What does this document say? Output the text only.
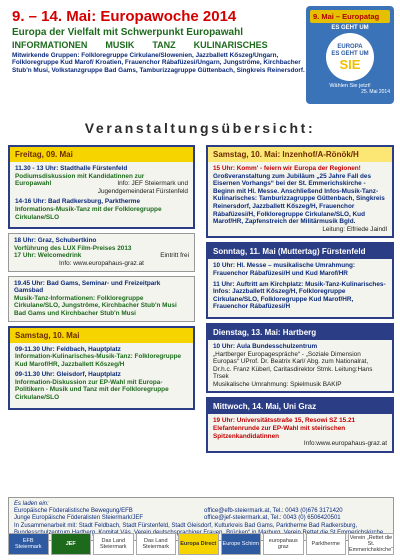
9. – 14. Mai: Europawoche 2014
Europa der Vielfalt mit Schwerpunkt Europawahl
INFORMATIONEN MUSIK TANZ KULINARISCHES
Mitwirkende Gruppen: Folkloregruppe Cirkulane/Slowenien, Jazzballett Kőszeg/Ungarn, Folkloregruppe Kud Marof/ Kroatien, Frauenchor Rábafüzesi/Ungarn, Jungströme, Kirchbacher Stub'n Musi, Volkstanzgruppe Bad Gams, Tamburizzagruppe Güttenbach, Singkreis Reinersdorf.
9. Mai – Europatag
ES GEHT UM
EUROPA
ES GEHT UM
SIE
Wählen Sie jetzt!
25. Mai 2014
Veranstaltungsübersicht:
Freitag, 09. Mai

11.30 - 13 Uhr: Stadthalle Fürstenfeld
Podiumsdiskussion mit Kandidatinnen zur

Europawahl	Info: JEF Steiermark und
Jugendgemeinderat Fürstenfeld

14-16 Uhr: Bad Radkersburg, Parktherme
Informations-Musik-Tanz mit der Folkloregruppe Cirkulane/SLO

18 Uhr: Graz, Schubertkino
Vorführung des LUX Film-Preises 2013

17 Uhr: Welcomedrink	Eintritt frei
Info: www.europahaus-graz.at
19.45 Uhr: Bad Gams, Seminar- und Freizeitpark Gamsbad
Musik-Tanz-Informationen: Folkloregruppe Cirkulane/SLO, Jungströme, Kirchbacher Stub'n Musi
Bad Gams und Kirchbacher Stub'n Musi
Samstag, 10. Mai

09-11.30 Uhr: Feldbach, Hauptplatz
Information-Kulinarisches-Musik-Tanz: Folkloregruppe Kud Marof/HR, Jazzballett Kőszeg/H

09-11.30 Uhr: Gleisdorf, Hauptplatz
Information-Diskussion zur EP-Wahl mit Europa-Politikern - Musik und Tanz mit der Folkloregruppe Cirkulane/SLO

Samstag, 10. Mai: Inzenhof/A-Rönök/H
15 Uhr: Komm' - feiern wir Europa der Regionen!
Großveranstaltung zum Jubiläum „25 Jahre Fall des Eisernen Vorhangs“ bei der St. Emmerichskirche - Beginn mit Hl. Messe. Anschließend Infos-Musik-Tanz-Kulinarisches: Tamburizzagruppe Güttenbach, Singkreis Reinersdorf, Jazzballett Kőszeg/H, Frauenchor Rábafüzesi/H, Folkloregruppe Cirkulane/SLO, Kud Marof/HR, Zapfenstreich der Militärmusik Bgld.

Leitung: Elfriede Jaindl
Sonntag, 11. Mai (Muttertag) Fürstenfeld

10 Uhr: Hl. Messe – musikalische Umrahmung: Frauenchor Rábafüzesi/H und Kud Marof/HR

11 Uhr: Auftritt am Kirchplatz: Musik-Tanz-Kulinarisches-Infos: Jazzballett Kőszeg/H, Folkloregruppe Cirkulane/SLO, Folkloregruppe Kud Marof/HR, Frauenchor Rábafüzesi/H

Dienstag, 13. Mai: Hartberg
10 Uhr: Aula Bundesschulzentrum
„Hartberger Europagespräche“ - „Soziale Dimension Europas“ UProf. Dr. Beatrix Karl/ Abg. zum Nationalrat, Dr.h.c. Franz Küberl, Caritasdirektor Stmk. Leitung:Hans Trsek
Musikalische Umrahmung: Spielmusik BAKIP
Mittwoch, 14. Mai, Uni Graz
19 Uhr: Universitätsstraße 15, Resowi SZ 15.21
Elefantenrunde zur EP-Wahl mit steirischen Spitzenkandidatinnen

Info:www.europahaus-graz.at
Es laden ein:
Europäische Föderalistische Bewegung/EFB	office@efb-steiermark.at, Tel.: 0043 (0)676 3171420
Junge Europäische Föderalisten Steiermark/JEF	office@jef-steiermark.at, Tel.: 0043 (0) 6506420501
In Zusammenarbeit mit: Stadt Feldbach, Stadt Fürstenfeld, Stadt Gleisdorf, Kulturkreis Bad Gams, Parktherme Bad Radkersburg,
EFB Steiermark	JEF	Das Land Steiermark
Das Land Steiermark	Europa Direct	Europe Schirm	europahaus graz	Parktherme
Verein „Rettet die St. Emmerichskirche“
